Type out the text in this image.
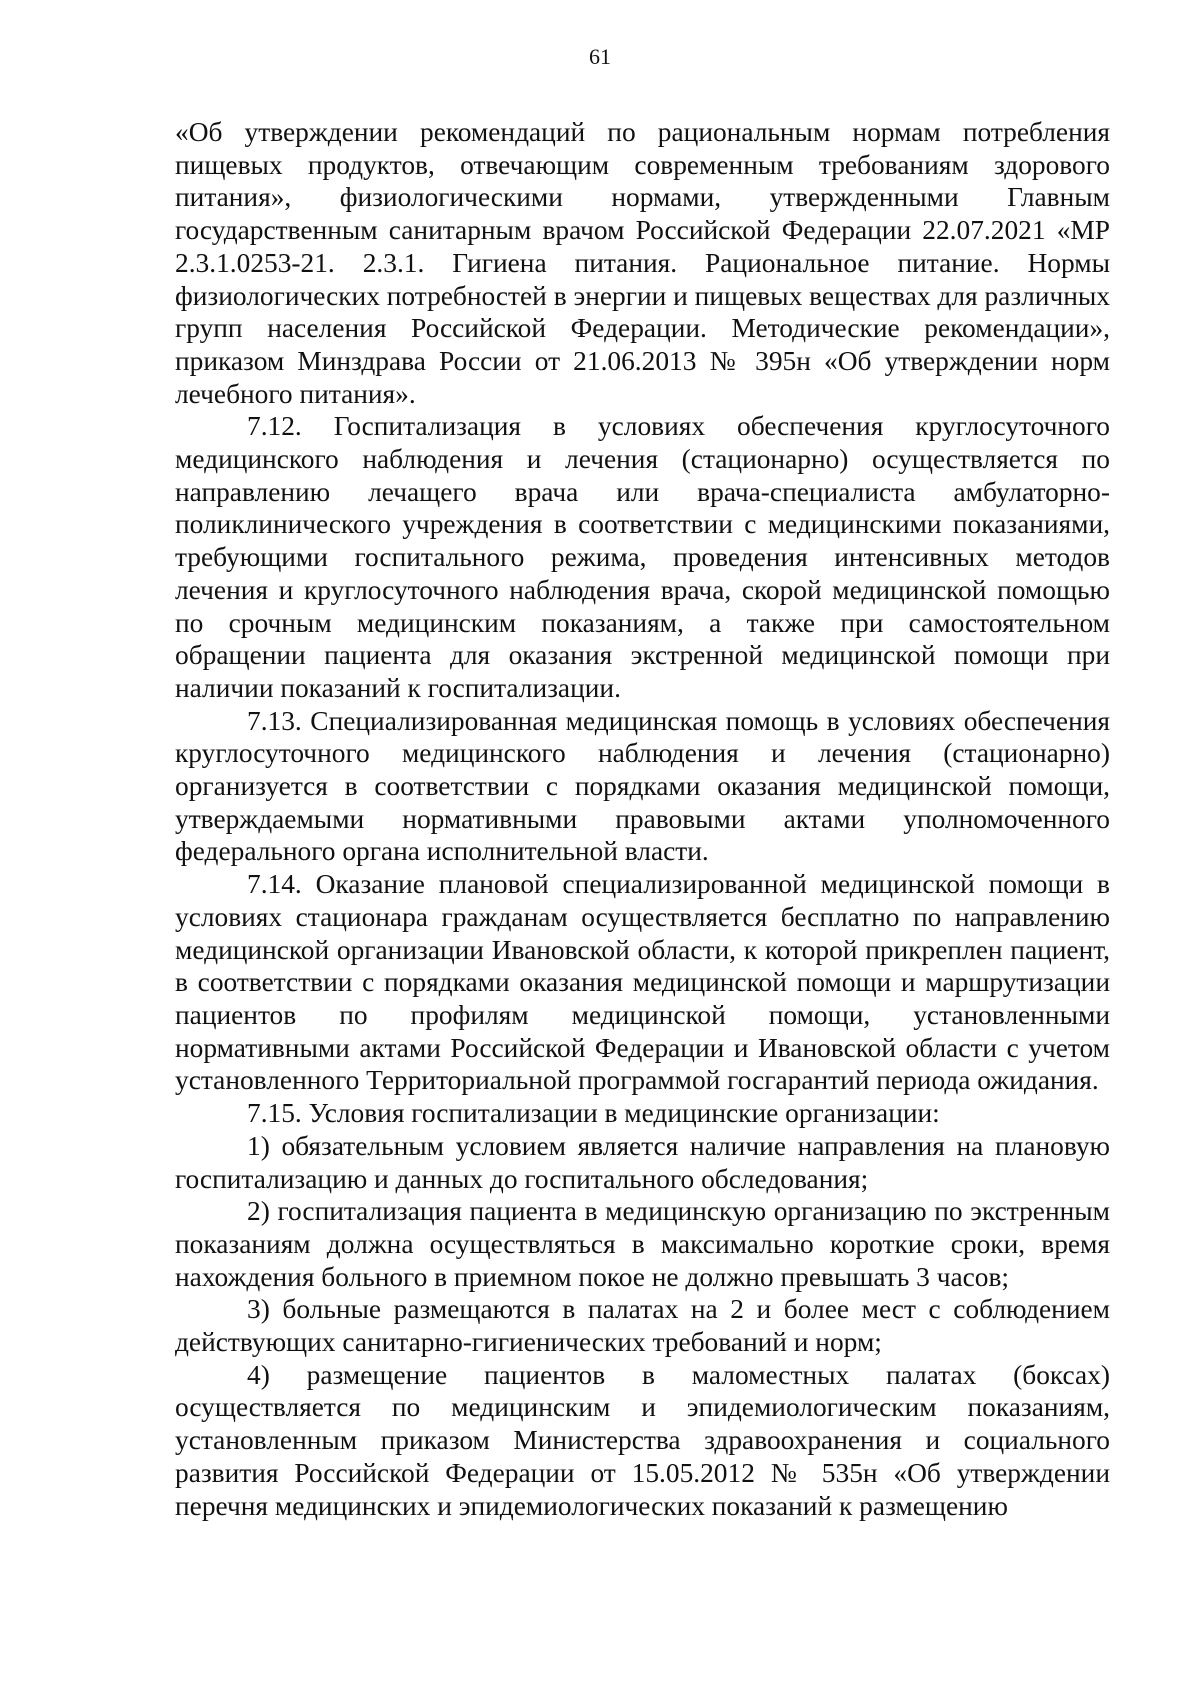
61

«Об утверждении рекомендаций по рациональным нормам потребления пищевых продуктов, отвечающим современным требованиям здорового питания», физиологическими нормами, утвержденными Главным государственным санитарным врачом Российской Федерации 22.07.2021 «МР 2.3.1.0253-21. 2.3.1. Гигиена питания. Рациональное питание. Нормы физиологических потребностей в энергии и пищевых веществах для различных групп населения Российской Федерации. Методические рекомендации», приказом Минздрава России от 21.06.2013 № 395н «Об утверждении норм лечебного питания».

7.12. Госпитализация в условиях обеспечения круглосуточного медицинского наблюдения и лечения (стационарно) осуществляется по направлению лечащего врача или врача-специалиста амбулаторно-поликлинического учреждения в соответствии с медицинскими показаниями, требующими госпитального режима, проведения интенсивных методов лечения и круглосуточного наблюдения врача, скорой медицинской помощью по срочным медицинским показаниям, а также при самостоятельном обращении пациента для оказания экстренной медицинской помощи при наличии показаний к госпитализации.

7.13. Специализированная медицинская помощь в условиях обеспечения круглосуточного медицинского наблюдения и лечения (стационарно) организуется в соответствии с порядками оказания медицинской помощи, утверждаемыми нормативными правовыми актами уполномоченного федерального органа исполнительной власти.

7.14. Оказание плановой специализированной медицинской помощи в условиях стационара гражданам осуществляется бесплатно по направлению медицинской организации Ивановской области, к которой прикреплен пациент, в соответствии с порядками оказания медицинской помощи и маршрутизации пациентов по профилям медицинской помощи, установленными нормативными актами Российской Федерации и Ивановской области с учетом установленного Территориальной программой госгарантий периода ожидания.

7.15. Условия госпитализации в медицинские организации:

1) обязательным условием является наличие направления на плановую госпитализацию и данных до госпитального обследования;

2) госпитализация пациента в медицинскую организацию по экстренным показаниям должна осуществляться в максимально короткие сроки, время нахождения больного в приемном покое не должно превышать 3 часов;

3) больные размещаются в палатах на 2 и более мест с соблюдением действующих санитарно-гигиенических требований и норм;

4) размещение пациентов в маломестных палатах (боксах) осуществляется по медицинским и эпидемиологическим показаниям, установленным приказом Министерства здравоохранения и социального развития Российской Федерации от 15.05.2012 № 535н «Об утверждении перечня медицинских и эпидемиологических показаний к размещению
